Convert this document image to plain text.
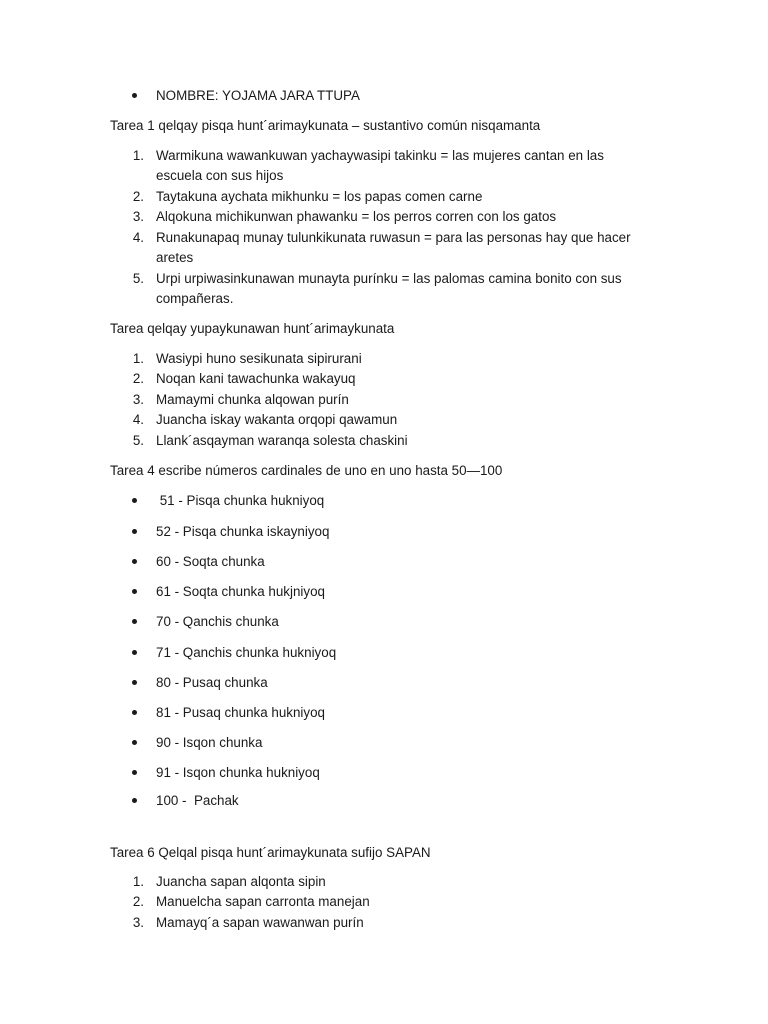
NOMBRE: YOJAMA JARA TTUPA
Tarea 1 qelqay pisqa hunt´arimaykunata – sustantivo común nisqamanta
1. Warmikuna wawankuwan yachaywasipi takinku = las mujeres cantan en las
escuela con sus hijos
2. Taytakuna aychata mikhunku = los papas comen carne
3. Alqokuna michikunwan phawanku = los perros corren con los gatos
4. Runakunapaq munay tulunkikunata ruwasun = para las personas hay que hacer
aretes
5. Urpi urpiwasinkunawan munayta purínku = las palomas camina bonito con sus
compañeras.
Tarea qelqay yupaykunawan hunt´arimaykunata
1. Wasiypi huno sesikunata sipirurani
2. Noqan kani tawachunka wakayuq
3. Mamaymi chunka alqowan purín
4. Juancha iskay wakanta orqopi qawamun
5. Llank´asqayman waranqa solesta chaskini
Tarea 4 escribe números cardinales de uno en uno hasta 50—100
51 - Pisqa chunka hukniyoq
52 - Pisqa chunka iskayniyoq
60 - Soqta chunka
61 - Soqta chunka hukjniyoq
70 - Qanchis chunka
71 - Qanchis chunka hukniyoq
80 - Pusaq chunka
81 - Pusaq chunka hukniyoq
90 - Isqon chunka
91 - Isqon chunka hukniyoq
100 -  Pachak
Tarea 6 Qelqal pisqa hunt´arimaykunata sufijo SAPAN
1. Juancha sapan alqonta sipin
2. Manuelcha sapan carronta manejan
3. Mamayq´a sapan wawanwan purín
